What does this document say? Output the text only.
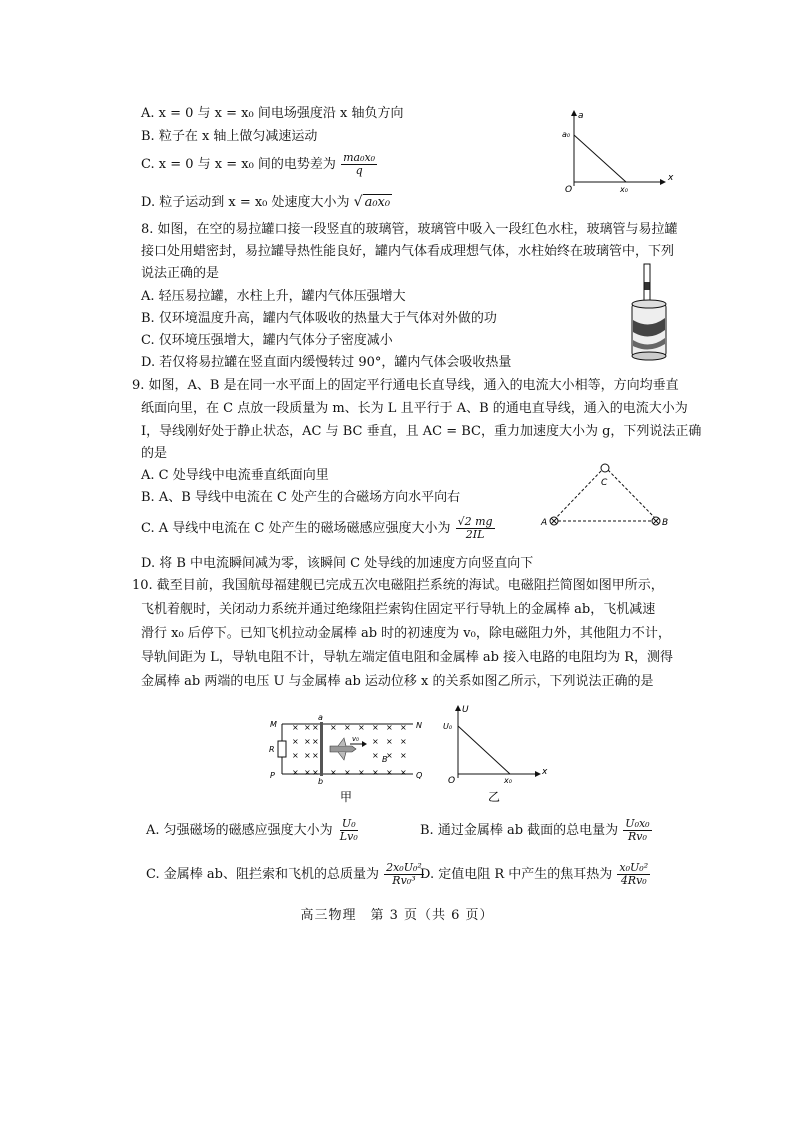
A. x = 0 与 x = x₀ 间电场强度沿 x 轴负方向
B. 粒子在 x 轴上做匀减速运动
C. x = 0 与 x = x₀ 间的电势差为 $\frac{\text{ma₀x₀}}{q}$
D. 粒子运动到 x = x₀ 处速度大小为 √ a₀x₀
a
x
a₀
x₀
O
8. 如图，在空的易拉罐口接一段竖直的玻璃管，玻璃管中吸入一段红色水柱，玻璃管与易拉罐
接口处用蜡密封，易拉罐导热性能良好，罐内气体看成理想气体，水柱始终在玻璃管中，下列
说法正确的是
A. 轻压易拉罐，水柱上升，罐内气体压强增大
B. 仅环境温度升高，罐内气体吸收的热量大于气体对外做的功
C. 仅环境压强增大，罐内气体分子密度减小
D. 若仅将易拉罐在竖直面内缓慢转过 90°，罐内气体会吸收热量
9. 如图，A、B 是在同一水平面上的固定平行通电长直导线，通入的电流大小相等，方向均垂直
纸面向里，在 C 点放一段质量为 m、长为 L 且平行于 A、B 的通电直导线，通入的电流大小为
I，导线刚好处于静止状态，AC 与 BC 垂直，且 AC = BC，重力加速度大小为 g，下列说法正确
的是
A. C 处导线中电流垂直纸面向里
B. A、B 导线中电流在 C 处产生的合磁场方向水平向右
C. A 导线中电流在 C 处产生的磁场磁感应强度大小为 $\frac{√2 mg}{2IL}$
D. 将 B 中电流瞬间减为零，该瞬间 C 处导线的加速度方向竖直向下
C
A	B
10. 截至目前，我国航母福建舰已完成五次电磁阻拦系统的海试。电磁阻拦简图如图甲所示，
飞机着舰时，关闭动力系统并通过绝缘阻拦索钩住固定平行导轨上的金属棒 ab，飞机减速
滑行 x₀ 后停下。已知飞机拉动金属棒 ab 时的初速度为 v₀，除电磁阻力外，其他阻力不计，
导轨间距为 L，导轨电阻不计，导轨左端定值电阻和金属棒 ab 接入电路的电阻均为 R，测得
金属棒 ab 两端的电压 U 与金属棒 ab 运动位移 x 的关系如图乙所示，下列说法正确的是
× × × × × × × × ×
× × ×	× × ×
× × ×	× × ×
× × × × × × × × ×
v₀
M	N
P	Q
R
a
b
B
甲
U
x
U₀
x₀
O
乙
A. 匀强磁场的磁感应强度大小为 $\frac{\text{U₀}}{\text{Lv₀}}$	B. 通过金属棒 ab 截面的总电量为 $\frac{\text{U₀x₀}}{\text{Rv₀}}$
C. 金属棒 ab、阻拦索和飞机的总质量为 $\frac{\text{2x₀U₀²}}{\text{Rv₀³}}$
D. 定值电阻 R 中产生的焦耳热为 $\frac{\text{x₀U₀²}}{\text{4Rv₀}}$
高三物理　第 3 页（共 6 页）
